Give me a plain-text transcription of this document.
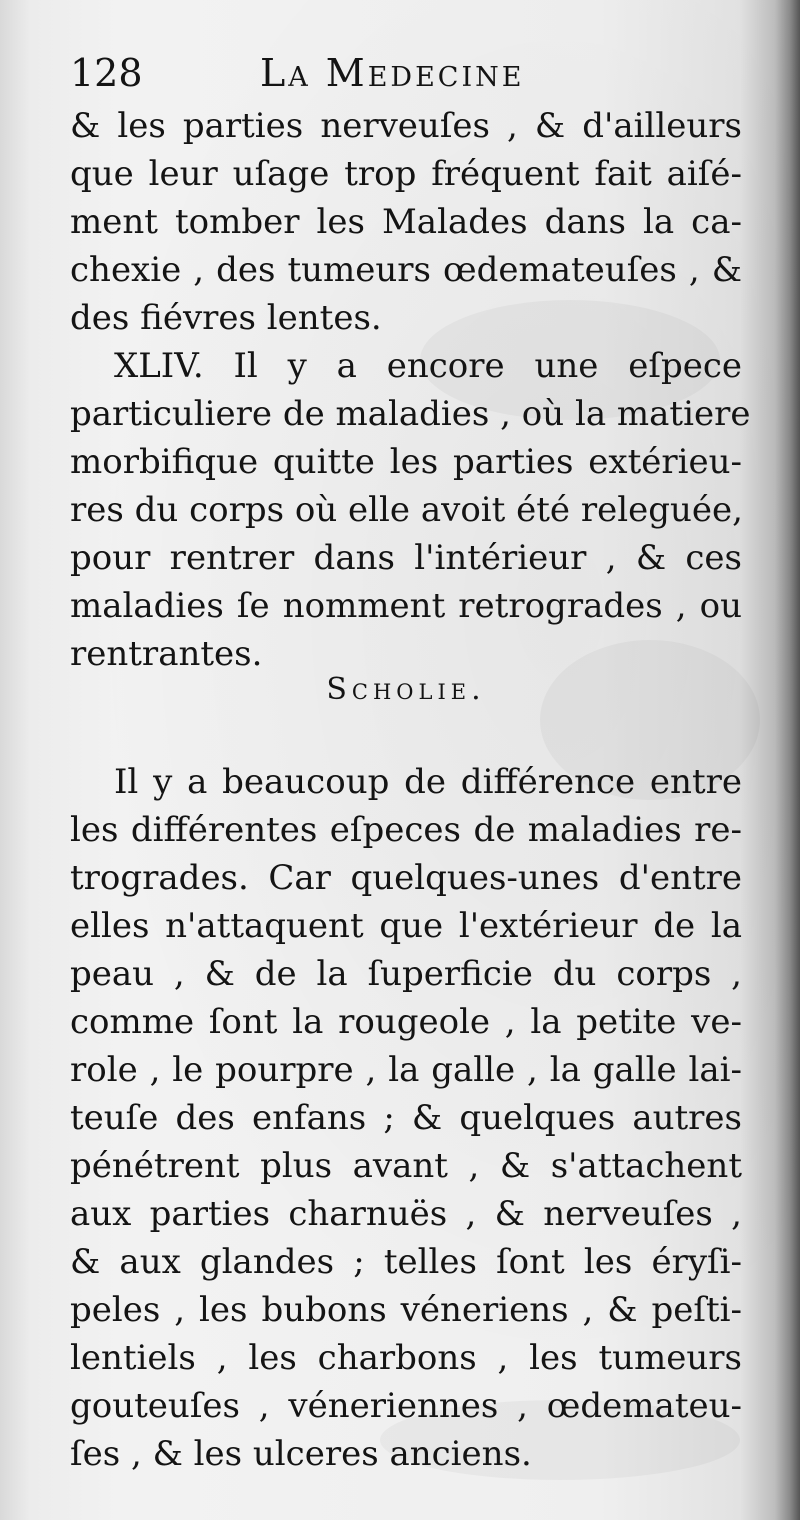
128	La Medecine
& les parties nerveuſes , & d'ailleurs
que leur uſage trop fréquent fait aiſé-
ment tomber les Malades dans la ca-
chexie , des tumeurs œdemateuſes , &
des fiévres lentes.
XLIV. Il y a encore une eſpece
particuliere de maladies , où la matiere
morbifique quitte les parties extérieu-
res du corps où elle avoit été releguée,
pour rentrer dans l'intérieur , & ces
maladies ſe nomment retrogrades , ou
rentrantes.
Scholie.
Il y a beaucoup de différence entre
les différentes eſpeces de maladies re-
trogrades. Car quelques-unes d'entre
elles n'attaquent que l'extérieur de la
peau , & de la ſuperficie du corps ,
comme ſont la rougeole , la petite ve-
role , le pourpre , la galle , la galle lai-
teuſe des enfans ; & quelques autres
pénétrent plus avant , & s'attachent
aux parties charnuës , & nerveuſes ,
& aux glandes ; telles ſont les éryſi-
peles , les bubons véneriens , & peſti-
lentiels , les charbons , les tumeurs
gouteuſes , véneriennes , œdemateu-
ſes , & les ulceres anciens.
